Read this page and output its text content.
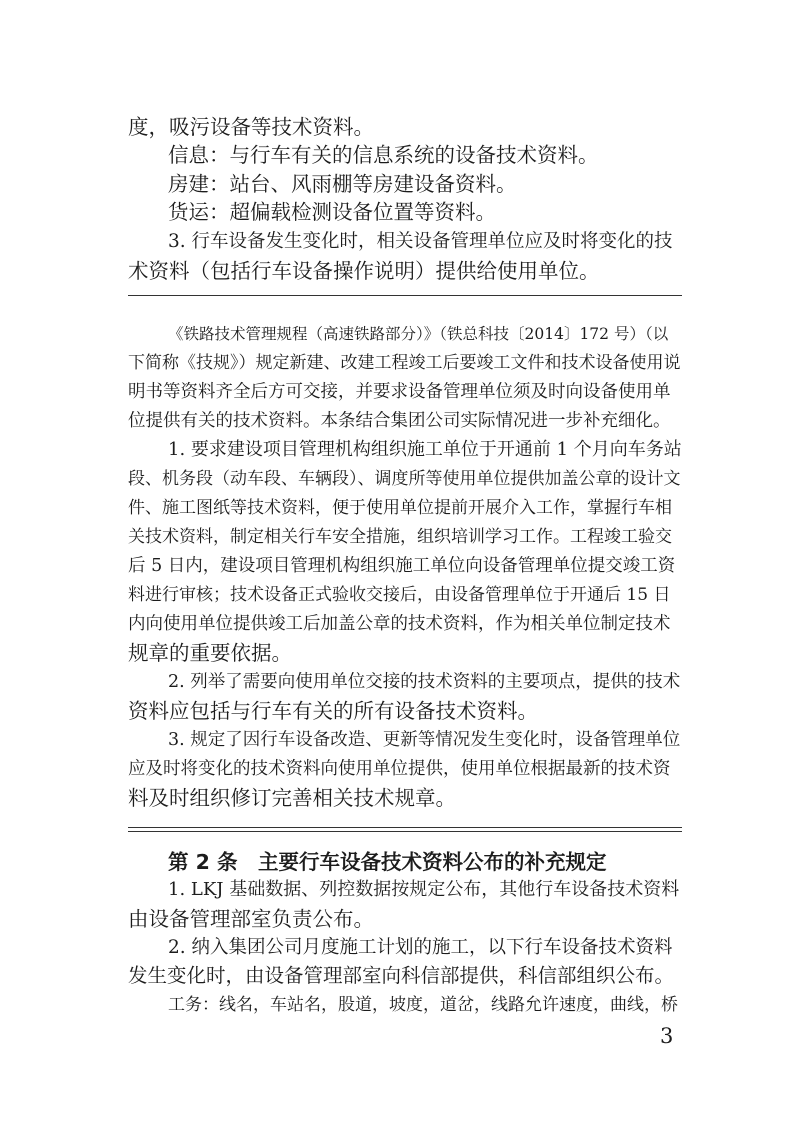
度，吸污设备等技术资料。
信息：与行车有关的信息系统的设备技术资料。
房建：站台、风雨棚等房建设备资料。
货运：超偏载检测设备位置等资料。
3. 行车设备发生变化时，相关设备管理单位应及时将变化的技
术资料（包括行车设备操作说明）提供给使用单位。
《铁路技术管理规程（高速铁路部分）》（铁总科技〔2014〕172 号）（以
下简称《技规》）规定新建、改建工程竣工后要竣工文件和技术设备使用说
明书等资料齐全后方可交接，并要求设备管理单位须及时向设备使用单
位提供有关的技术资料。本条结合集团公司实际情况进一步补充细化。
1. 要求建设项目管理机构组织施工单位于开通前 1 个月向车务站
段、机务段（动车段、车辆段）、调度所等使用单位提供加盖公章的设计文
件、施工图纸等技术资料，便于使用单位提前开展介入工作，掌握行车相
关技术资料，制定相关行车安全措施，组织培训学习工作。工程竣工验交
后 5 日内，建设项目管理机构组织施工单位向设备管理单位提交竣工资
料进行审核；技术设备正式验收交接后，由设备管理单位于开通后 15 日
内向使用单位提供竣工后加盖公章的技术资料，作为相关单位制定技术
规章的重要依据。
2. 列举了需要向使用单位交接的技术资料的主要项点，提供的技术
资料应包括与行车有关的所有设备技术资料。
3. 规定了因行车设备改造、更新等情况发生变化时，设备管理单位
应及时将变化的技术资料向使用单位提供，使用单位根据最新的技术资
料及时组织修订完善相关技术规章。
第 2 条　主要行车设备技术资料公布的补充规定
1. LKJ 基础数据、列控数据按规定公布，其他行车设备技术资料
由设备管理部室负责公布。
2. 纳入集团公司月度施工计划的施工，以下行车设备技术资料
发生变化时，由设备管理部室向科信部提供，科信部组织公布。
工务：线名，车站名，股道，坡度，道岔，线路允许速度，曲线，桥
3
